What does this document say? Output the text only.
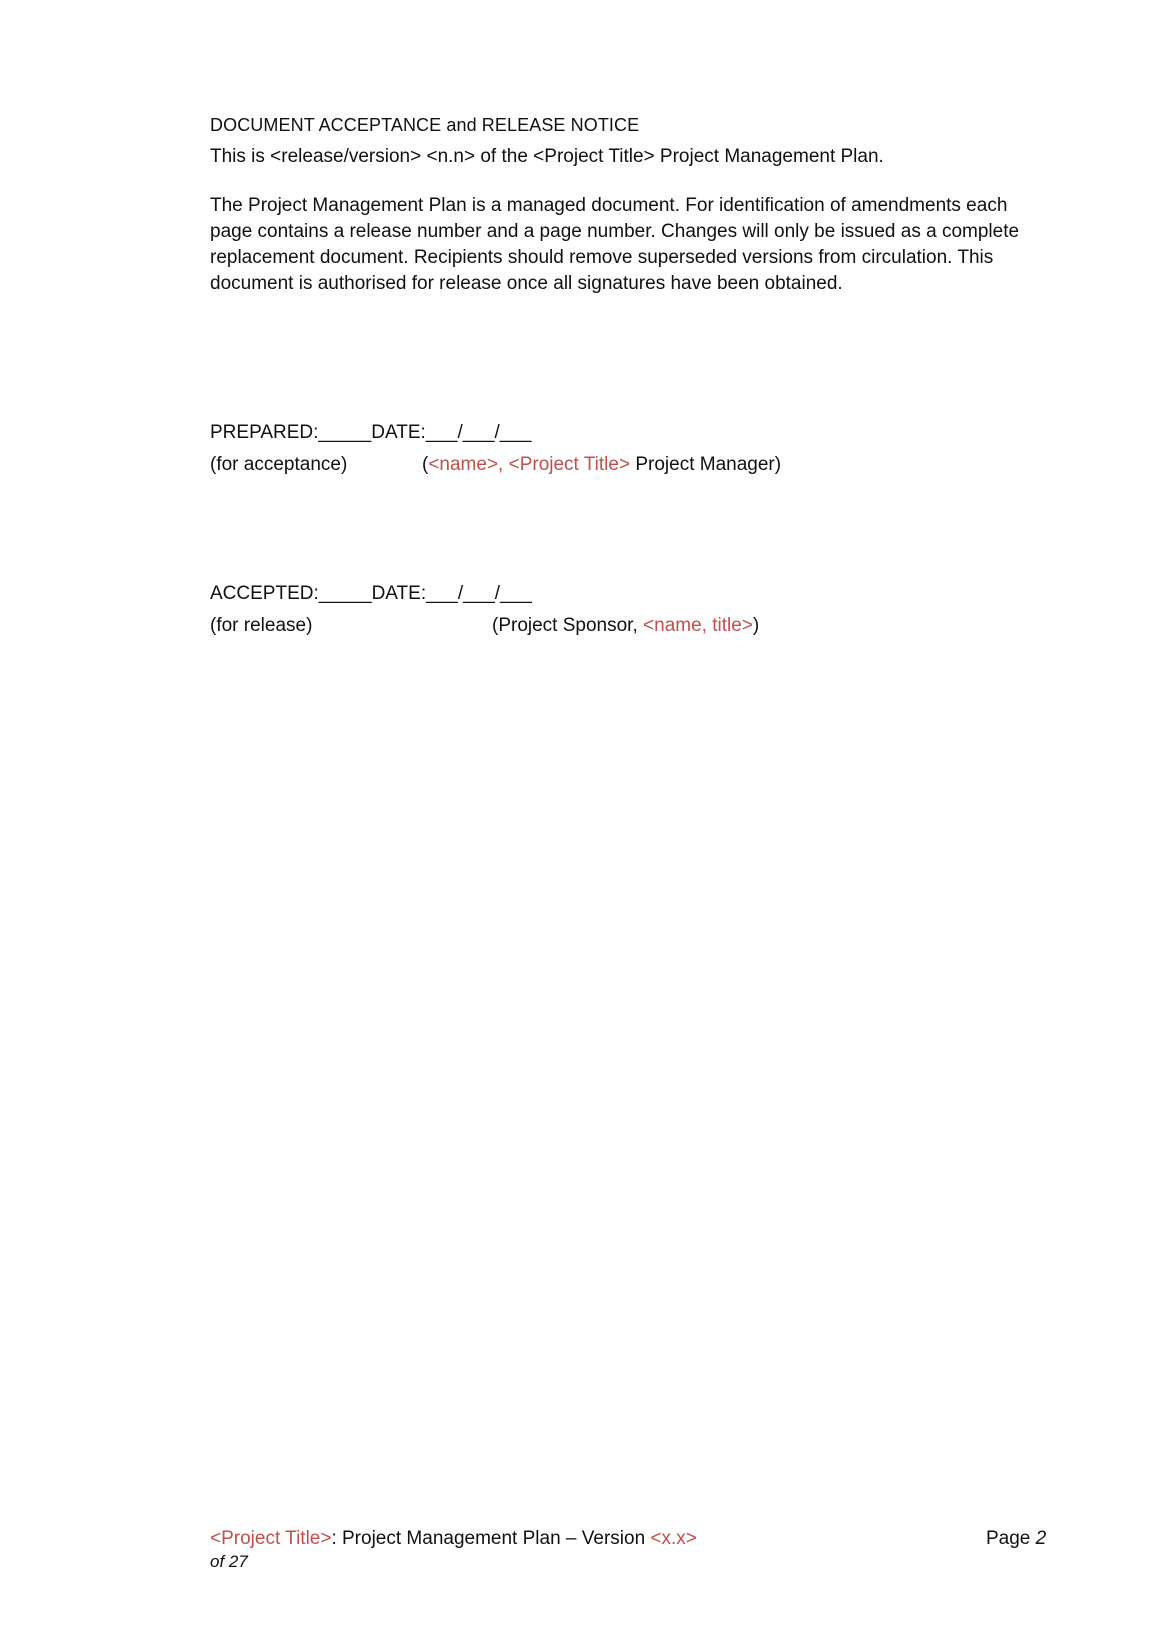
DOCUMENT ACCEPTANCE and RELEASE NOTICE
This is <release/version> <n.n> of the <Project Title> Project Management Plan.
The Project Management Plan is a managed document. For identification of amendments each
page contains a release number and a page number. Changes will only be issued as a complete
replacement document. Recipients should remove superseded versions from circulation. This
document is authorised for release once all signatures have been obtained.
PREPARED:_____DATE:___/___/___
(for acceptance)	(<name>, <Project Title> Project Manager)
ACCEPTED:_____DATE:___/___/___
(for release)	(Project Sponsor, <name, title>)
<Project Title>: Project Management Plan – Version <x.x>	Page 2
of 27
